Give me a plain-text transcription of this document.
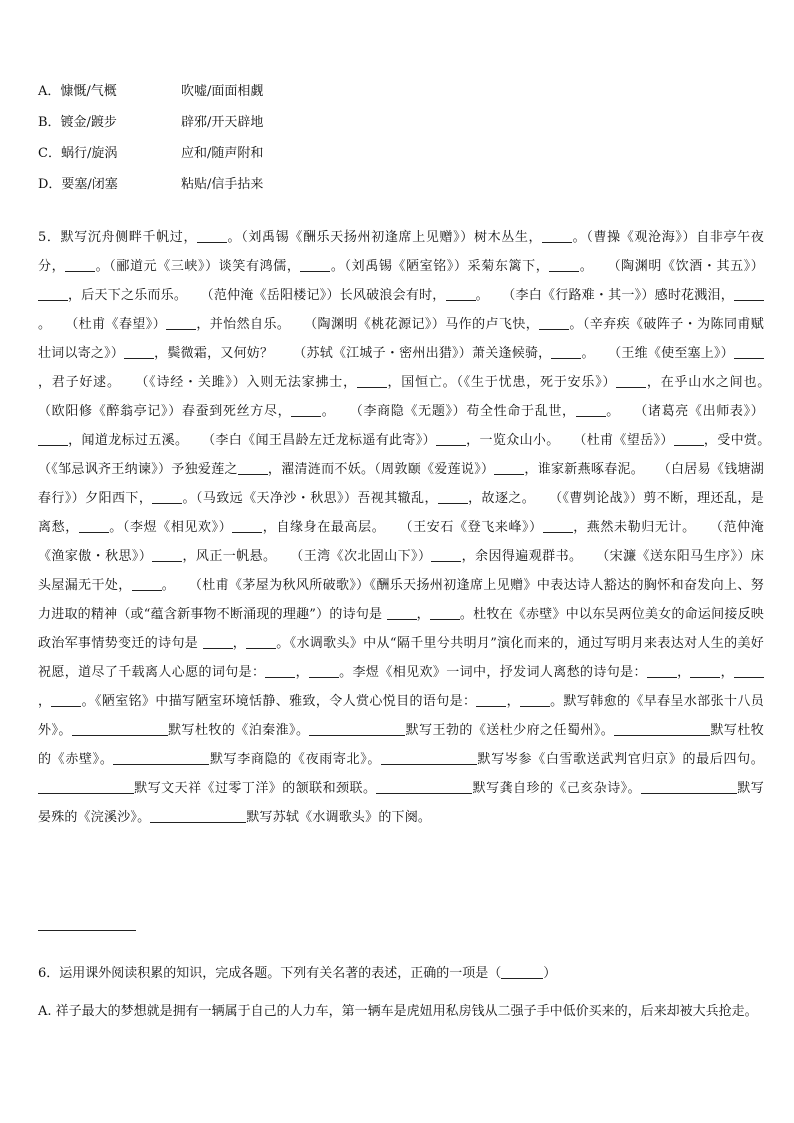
A．慷慨/气概	吹嘘/面面相觑
B．镀金/踱步	辟邪/开天辟地
C．蜗行/旋涡	应和/随声附和
D．要塞/闭塞	粘贴/信手拈来
5．默写沉舟侧畔千帆过， 。（刘禹锡《酬乐天扬州初逢席上见赠》）树木丛生， 。（曹操《观沧海》）自非亭午夜分， 。（郦道元《三峡》）谈笑有鸿儒， 。（刘禹锡《陋室铭》）采菊东篱下， 。　　（陶渊明《饮酒・其五》），后天下之乐而乐。　　（范仲淹《岳阳楼记》）长风破浪会有时， 。　　（李白《行路难・其一》）感时花溅泪，。　　（杜甫《春望》） ，并怡然自乐。　　（陶渊明《桃花源记》）马作的卢飞快， 。（辛弃疾《破阵子・为陈同甫赋壮词以寄之》） ，鬓微霜，又何妨？　　（苏轼《江城子・密州出猎》）萧关逢候骑， 。　　（王维《使至塞上》），君子好逑。　　（《诗经・关雎》）入则无法家拂士， ，国恒亡。（《生于忧患，死于安乐》） ，在乎山水之间也。　　（欧阳修《醉翁亭记》）春蚕到死丝方尽， 。　　（李商隐《无题》）苟全性命于乱世， 。　　（诸葛亮《出师表》），闻道龙标过五溪。　　（李白《闻王昌龄左迁龙标遥有此寄》） ，一览众山小。　　（杜甫《望岳》） ，受中赏。　　（《邹忌讽齐王纳谏》）予独爱莲之 ，濯清涟而不妖。（周敦颐《爱莲说》） ，谁家新燕啄春泥。　　（白居易《钱塘湖春行》）夕阳西下， 。（马致远《天净沙・秋思》）吾视其辙乱， ，故逐之。　　（《曹刿论战》）剪不断，理还乱，是离愁， 。（李煜《相见欢》） ，自缘身在最高层。　　（王安石《登飞来峰》） ，燕然未勒归无计。　　（范仲淹《渔家傲・秋思》） ，风正一帆悬。　　（王湾《次北固山下》） ，余因得遍观群书。　　（宋濂《送东阳马生序》）床头屋漏无干处， 。　　（杜甫《茅屋为秋风所破歌》）《酬乐天扬州初逢席上见赠》中表达诗人豁达的胸怀和奋发向上、努力进取的精神（或“蕴含新事物不断涌现的理趣”）的诗句是 ， 。杜牧在《赤壁》中以东吴两位美女的命运间接反映政治军事情势变迁的诗句是 ， 。《水调歌头》中从“隔千里兮共明月”演化而来的，通过写明月来表达对人生的美好祝愿，道尽了千载离人心愿的词句是： ， 。李煜《相见欢》一词中，抒发词人离愁的诗句是： ， ，， 。《陋室铭》中描写陋室环境恬静、雅致，令人赏心悦目的语句是： ， 。默写韩愈的《早春呈水部张十八员外》。	默写杜牧的《泊秦淮》。	默写王勃的《送杜少府之任蜀州》。	默写杜牧的《赤壁》。	默写李商隐的《夜雨寄北》。	默写岑参《白雪歌送武判官归京》的最后四句。默写文天祥《过零丁洋》的颔联和颈联。	默写龚自珍的《己亥杂诗》。	默写晏殊的《浣溪沙》。	默写苏轼《水调歌头》的下阕。
6．运用课外阅读积累的知识，完成各题。下列有关名著的表述，正确的一项是（	）
A. 祥子最大的梦想就是拥有一辆属于自己的人力车，第一辆车是虎妞用私房钱从二强子手中低价买来的，后来却被大兵抢走。
